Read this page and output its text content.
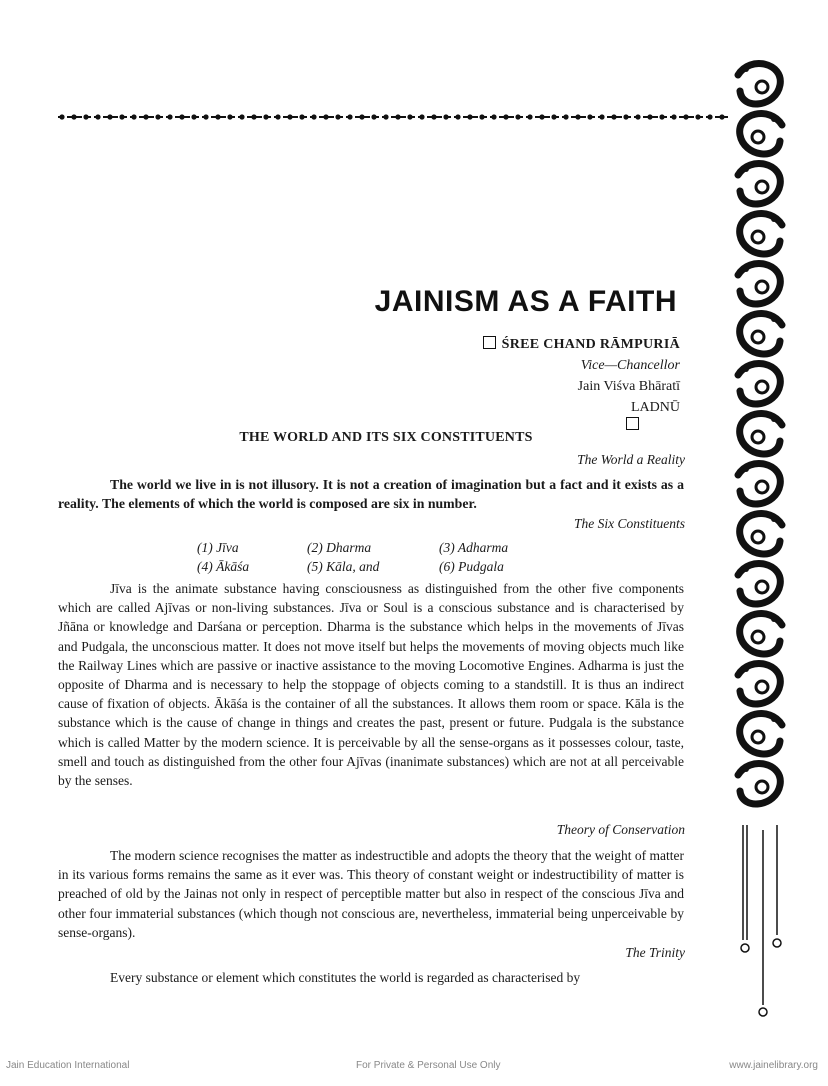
JAINISM AS A FAITH
ŚREE CHAND RĀMPURIĀ
Vice—Chancellor
Jain Viśva Bhāratī
LADNŪ
THE WORLD AND ITS SIX CONSTITUENTS
The World a Reality
The world we live in is not illusory. It is not a creation of imagination but a fact and it exists as a reality. The elements of which the world is composed are six in number.
The Six Constituents
(1) Jīva	(2) Dharma	(3) Adharma
(4) Ākāśa	(5) Kāla, and	(6) Pudgala
Jīva is the animate substance having consciousness as distinguished from the other five components which are called Ajīvas or non-living substances. Jīva or Soul is a conscious substance and is characterised by Jñāna or knowledge and Darśana or perception. Dharma is the substance which helps in the movements of Jīvas and Pudgala, the unconscious matter. It does not move itself but helps the movements of moving objects much like the Railway Lines which are passive or inactive assistance to the moving Locomotive Engines. Adharma is just the opposite of Dharma and is necessary to help the stoppage of objects coming to a standstill. It is thus an indirect cause of fixation of objects. Ākāśa is the container of all the substances. It allows them room or space. Kāla is the substance which is the cause of change in things and creates the past, present or future. Pudgala is the substance which is called Matter by the modern science. It is perceivable by all the sense-organs as it possesses colour, taste, smell and touch as distinguished from the other four Ajīvas (inanimate substances) which are not at all perceivable by the senses.
Theory of Conservation
The modern science recognises the matter as indestructible and adopts the theory that the weight of matter in its various forms remains the same as it ever was. This theory of constant weight or indestructibility of matter is preached of old by the Jainas not only in respect of perceptible matter but also in respect of the conscious Jīva and other four immaterial substances (which though not conscious are, nevertheless, immaterial being unperceivable by sense-organs).
The Trinity
Every substance or element which constitutes the world is regarded as characterised by
Jain Education International	For Private & Personal Use Only	www.jainelibrary.org
